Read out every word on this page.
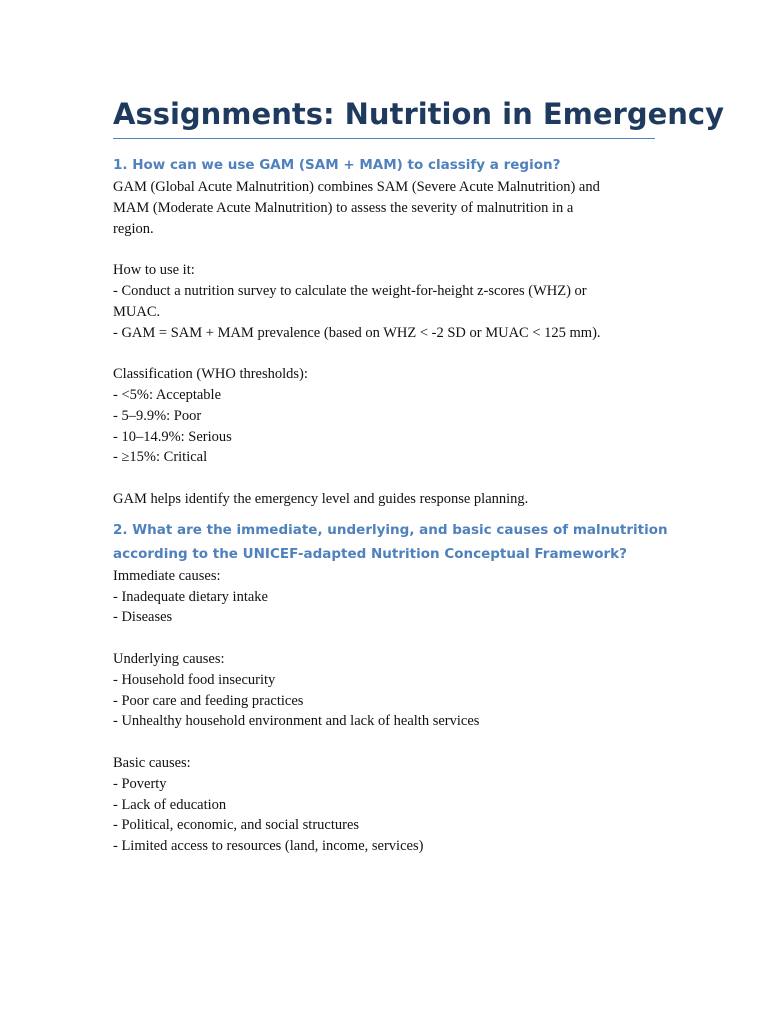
Assignments: Nutrition in Emergency
1. How can we use GAM (SAM + MAM) to classify a region?
GAM (Global Acute Malnutrition) combines SAM (Severe Acute Malnutrition) and
MAM (Moderate Acute Malnutrition) to assess the severity of malnutrition in a
region.
How to use it:
- Conduct a nutrition survey to calculate the weight-for-height z-scores (WHZ) or
MUAC.
- GAM = SAM + MAM prevalence (based on WHZ < -2 SD or MUAC < 125 mm).
Classification (WHO thresholds):
- <5%: Acceptable
- 5–9.9%: Poor
- 10–14.9%: Serious
- ≥15%: Critical
GAM helps identify the emergency level and guides response planning.
2. What are the immediate, underlying, and basic causes of malnutrition
according to the UNICEF-adapted Nutrition Conceptual Framework?
Immediate causes:
- Inadequate dietary intake
- Diseases
Underlying causes:
- Household food insecurity
- Poor care and feeding practices
- Unhealthy household environment and lack of health services
Basic causes:
- Poverty
- Lack of education
- Political, economic, and social structures
- Limited access to resources (land, income, services)
